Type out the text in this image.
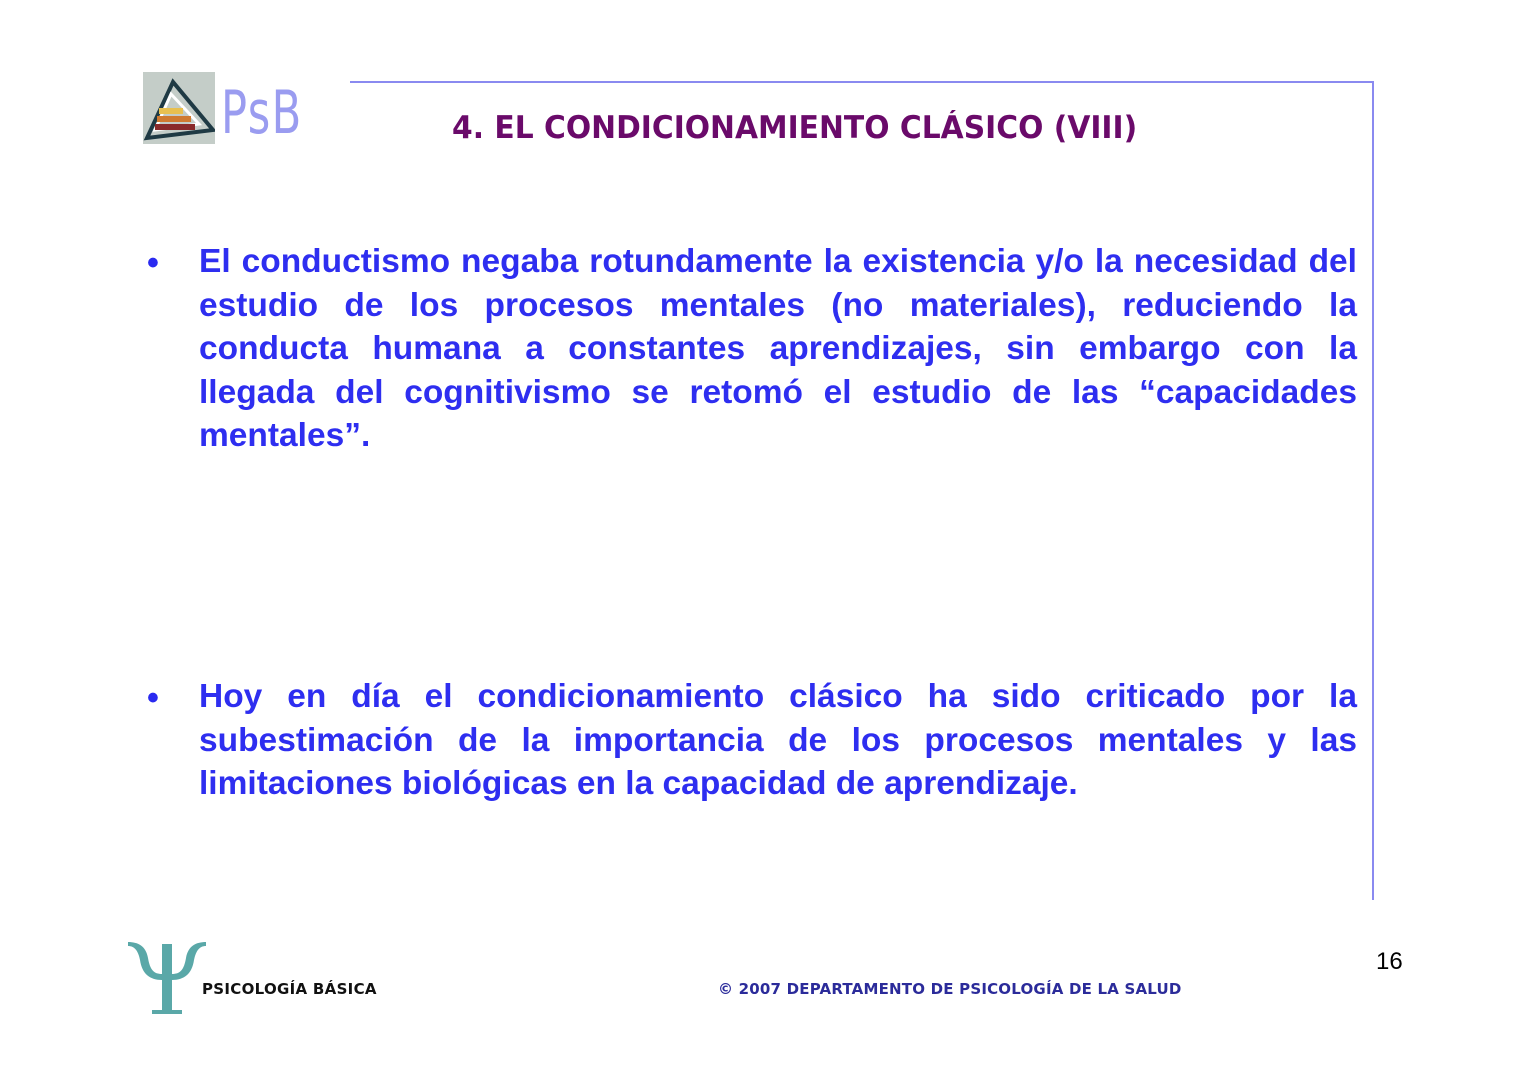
PsB	4. EL CONDICIONAMIENTO CLÁSICO (VIII)
• El conductismo negaba rotundamente la existencia y/o la necesidad del estudio de los procesos mentales (no materiales), reduciendo la conducta humana a constantes aprendizajes, sin embargo con la llegada del cognitivismo se retomó el estudio de las “capacidades mentales”.

• Hoy en día el condicionamiento clásico ha sido criticado por la subestimación de la importancia de los procesos mentales y las limitaciones biológicas en la capacidad de aprendizaje.

16
PSICOLOGÍA BÁSICA	© 2007 DEPARTAMENTO DE PSICOLOGÍA DE LA SALUD
